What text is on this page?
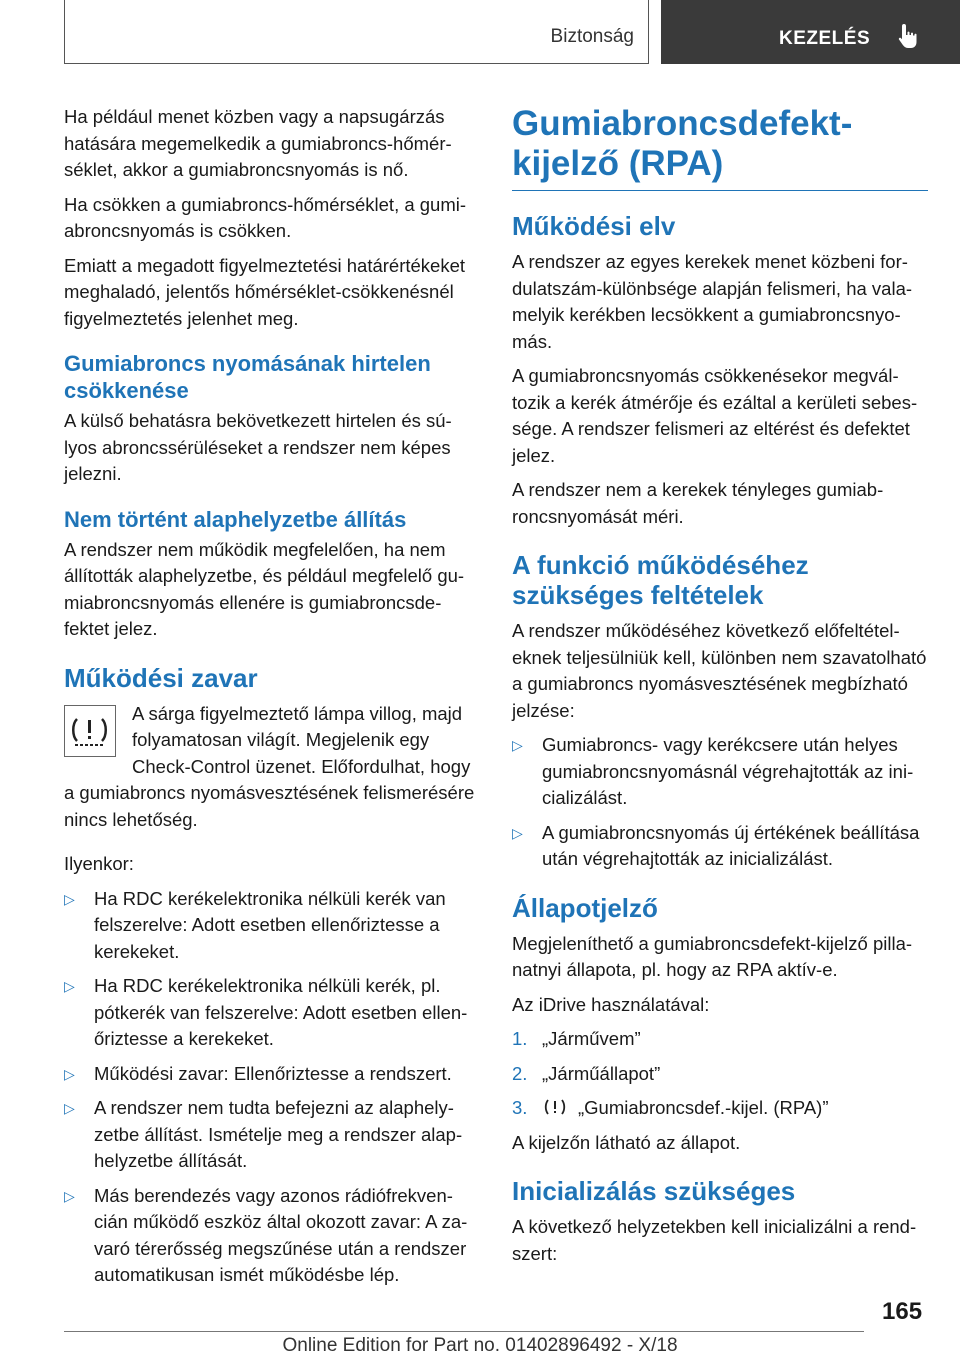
Biztonság	KEZELÉS

Ha például menet közben vagy a napsugárzás hatására megemelkedik a gumiabroncs-hőmérséklet, akkor a gumiabroncsnyomás is nő.

Ha csökken a gumiabroncs-hőmérséklet, a gumiabroncsnyomás is csökken.

Emiatt a megadott figyelmeztetési határértékeket meghaladó, jelentős hőmérséklet-csökkenésnél figyelmeztetés jelenhet meg.

Gumiabroncs nyomásának hirtelen csökkenése

A külső behatásra bekövetkezett hirtelen és súlyos abroncssérüléseket a rendszer nem képes jelezni.

Nem történt alaphelyzetbe állítás

A rendszer nem működik megfelelően, ha nem állították alaphelyzetbe, és például megfelelő gumiabroncsnyomás ellenére is gumiabroncsdefektet jelez.

Működési zavar

A sárga figyelmeztető lámpa villog, majd folyamatosan világít. Megjelenik egy Check-Control üzenet. Előfordulhat, hogy a gumiabroncs nyomásvesztésének felismerésére nincs lehetőség.

Ilyenkor:

▷ Ha RDC kerékelektronika nélküli kerék van felszerelve: Adott esetben ellenőriztesse a kerekeket.
▷ Ha RDC kerékelektronika nélküli kerék, pl. pótkerék van felszerelve: Adott esetben ellenőriztesse a kerekeket.
▷ Működési zavar: Ellenőriztesse a rendszert.
▷ A rendszer nem tudta befejezni az alaphelyzetbe állítást. Ismételje meg a rendszer alaphelyzetbe állítását.
▷ Más berendezés vagy azonos rádiófrekvencián működő eszköz által okozott zavar: A zavaró térerősség megszűnése után a rendszer automatikusan ismét működésbe lép.
Gumiabroncsdefekt-kijelző (RPA)
Működési elv

A rendszer az egyes kerekek menet közbeni fordulatszám-különbsége alapján felismeri, ha valamelyik kerékben lecsökkent a gumiabroncsnyomás.

A gumiabroncsnyomás csökkenésekor megváltozik a kerék átmérője és ezáltal a kerületi sebessége. A rendszer felismeri az eltérést és defektet jelez.

A rendszer nem a kerekek tényleges gumiabroncsnyomását méri.

A funkció működéséhez szükséges feltételek

A rendszer működéséhez következő előfeltételeknek teljesülniük kell, különben nem szavatolható a gumiabroncs nyomásvesztésének megbízható jelzése:

▷ Gumiabroncs- vagy kerékcsere után helyes gumiabroncsnyomásnál végrehajtották az inicializálást.
▷ A gumiabroncsnyomás új értékének beállítása után végrehajtották az inicializálást.
Állapotjelző

Megjeleníthető a gumiabroncsdefekt-kijelző pillanatnyi állapota, pl. hogy az RPA aktív-e.

Az iDrive használatával:

1. „Járművem”
2. „Járműállapot”
3.	„Gumiabroncsdef.-kijel. (RPA)”

A kijelzőn látható az állapot.

Inicializálás szükséges

A következő helyzetekben kell inicializálni a rendszert:

165
Online Edition for Part no. 01402896492 - X/18
